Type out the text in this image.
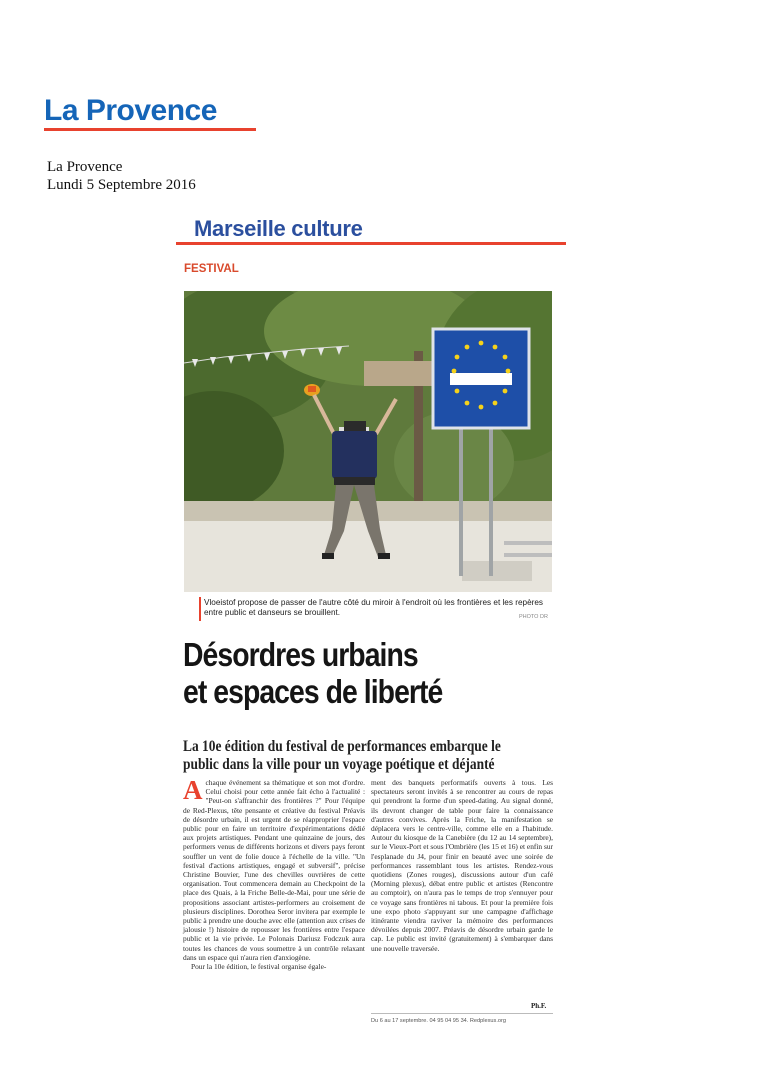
La Provence
La Provence
Lundi 5 Septembre 2016
Marseille culture
FESTIVAL
Vloeistof propose de passer de l'autre côté du miroir à l'endroit où les frontières et les repères entre public et danseurs se brouillent.	PHOTO DR
Désordres urbains
et espaces de liberté
La 10e édition du festival de performances embarque le
public dans la ville pour un voyage poétique et déjanté

Achaque événement sa thématique et son mot d'ordre. Celui choisi pour cette année fait écho à l'actualité : "Peut-on s'affranchir des frontières ?" Pour l'équipe de Red-Plexus, tête pensante et créative du festival Préavis de désordre urbain, il est urgent de se réapproprier l'espace public pour en faire un territoire d'expérimentations dédié aux projets artistiques. Pendant une quinzaine de jours, des performers venus de différents horizons et divers pays feront souffler un vent de folie douce à l'échelle de la ville. "Un festival d'actions artistiques, engagé et subversif", précise Christine Bouvier, l'une des chevilles ouvrières de cette organisation. Tout commencera demain au Checkpoint de la place des Quais, à la Friche Belle-de-Mai, pour une série de propositions associant artistes-performers au croisement de plusieurs disciplines. Dorothea Seror invitera par exemple le public à prendre une douche avec elle (attention aux crises de jalousie !) histoire de repousser les frontières entre l'espace public et la vie privée. Le Polonais Dariusz Fodczuk aura toutes les chances de vous soumettre à un contrôle relaxant dans un espace qui n'aura rien d'anxiogène.

Pour la 10e édition, le festival organise égale-

ment des banquets performatifs ouverts à tous. Les spectateurs seront invités à se rencontrer au cours de repas qui prendront la forme d'un speed-dating. Au signal donné, ils devront changer de table pour faire la connaissance d'autres convives. Après la Friche, la manifestation se déplacera vers le centre-ville, comme elle en a l'habitude. Autour du kiosque de la Canebière (du 12 au 14 septembre), sur le Vieux-Port et sous l'Ombrière (les 15 et 16) et enfin sur l'esplanade du J4, pour finir en beauté avec une soirée de performances rassemblant tous les artistes. Rendez-vous quotidiens (Zones rouges), discussions autour d'un café (Morning plexus), débat entre public et artistes (Rencontre au comptoir), on n'aura pas le temps de trop s'ennuyer pour ce voyage sans frontières ni tabous. Et pour la première fois une expo photo s'appuyant sur une campagne d'affichage itinérante viendra raviver la mémoire des performances dévoilées depuis 2007. Préavis de désordre urbain garde le cap. Le public est invité (gratuitement) à s'embarquer dans une nouvelle traversée.

Ph.F.
Du 6 au 17 septembre. 04 95 04 95 34. Redplexus.org
